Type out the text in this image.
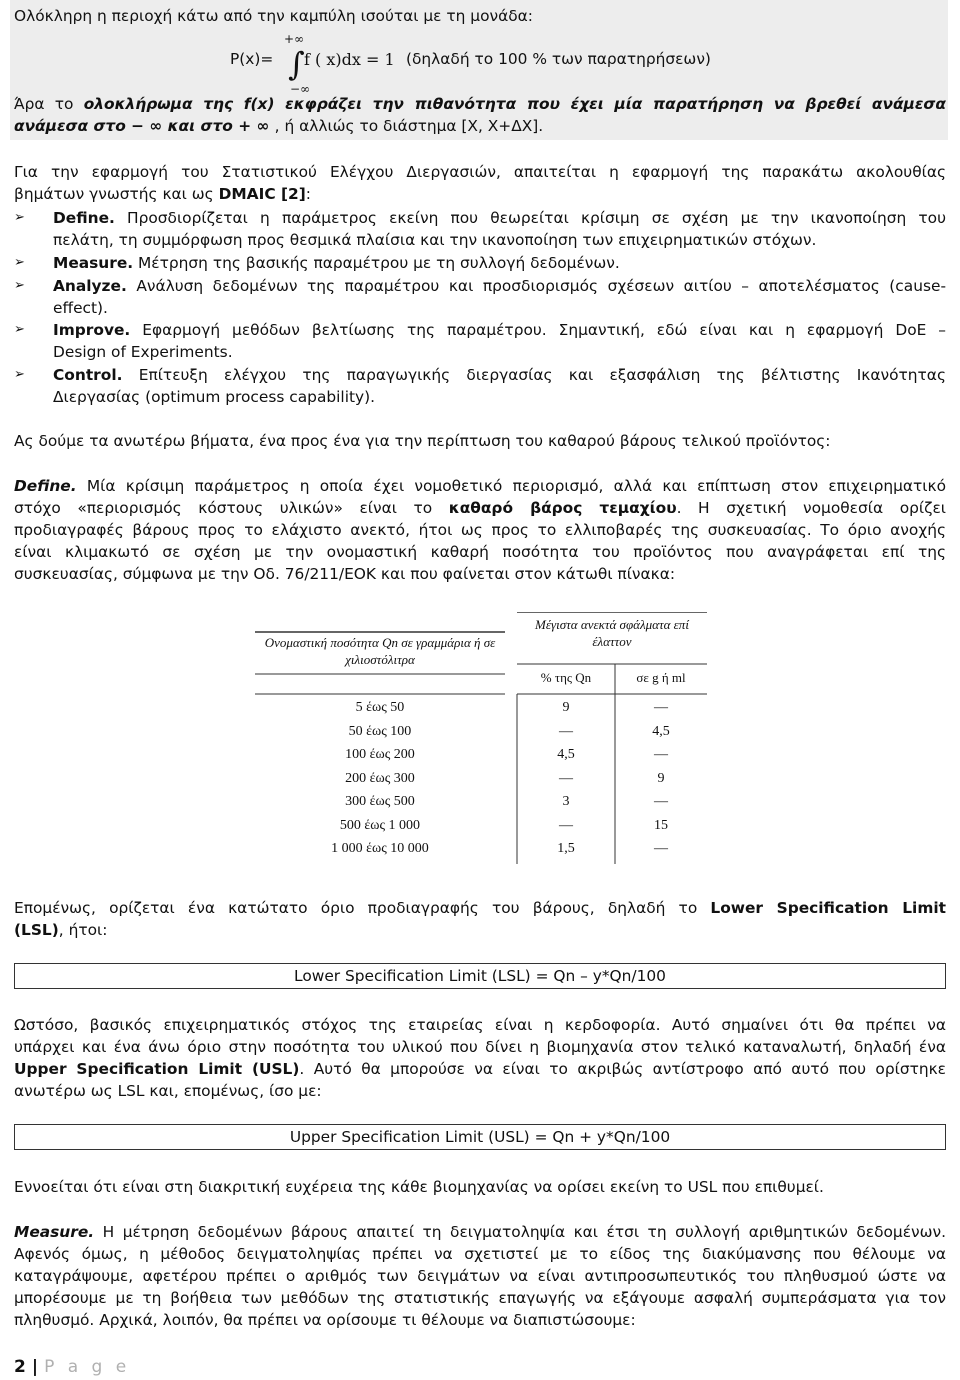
Ολόκληρη η περιοχή κάτω από την καμπύλη ισούται με τη μονάδα:
P(x)=
+∞
∫
−∞
f ( x)dx = 1 (δηλαδή το 100 % των παρατηρήσεων)
Άρα το ολοκλήρωμα της f(x) εκφράζει την πιθανότητα που έχει μία παρατήρηση να βρεθεί ανάμεσα
ανάμεσα στο − ∞ και στο + ∞ , ή αλλιώς το διάστημα [X, X+ΔX].
Για την εφαρμογή του Στατιστικού Ελέγχου Διεργασιών, απαιτείται η εφαρμογή της παρακάτω ακολουθίας
βημάτων γνωστής και ως DMAIC [2]:
➢ Define. Προσδιορίζεται η παράμετρος εκείνη που θεωρείται κρίσιμη σε σχέση με την ικανοποίηση του
πελάτη, τη συμμόρφωση προς θεσμικά πλαίσια και την ικανοποίηση των επιχειρηματικών στόχων.
➢ Measure. Μέτρηση της βασικής παραμέτρου με τη συλλογή δεδομένων.
➢ Analyze. Ανάλυση δεδομένων της παραμέτρου και προσδιορισμός σχέσεων αιτίου – αποτελέσματος (cause-
effect).
➢ Improve. Εφαρμογή μεθόδων βελτίωσης της παραμέτρου. Σημαντική, εδώ είναι και η εφαρμογή DoE –
Design of Experiments.
➢ Control. Επίτευξη ελέγχου της παραγωγικής διεργασίας και εξασφάλιση της βέλτιστης Ικανότητας
Διεργασίας (optimum process capability).
Ας δούμε τα ανωτέρω βήματα, ένα προς ένα για την περίπτωση του καθαρού βάρους τελικού προϊόντος:
Define. Μία κρίσιμη παράμετρος η οποία έχει νομοθετικό περιορισμό, αλλά και επίπτωση στον επιχειρηματικό
στόχο «περιορισμός κόστους υλικών» είναι το καθαρό βάρος τεμαχίου. Η σχετική νομοθεσία ορίζει
προδιαγραφές βάρους προς το ελάχιστο ανεκτό, ήτοι ως προς το ελλιποβαρές της συσκευασίας. Το όριο ανοχής
είναι κλιμακωτό σε σχέση με την ονομαστική καθαρή ποσότητα του προϊόντος που αναγράφεται επί της
συσκευασίας, σύμφωνα με την Οδ. 76/211/ΕΟΚ και που φαίνεται στον κάτωθι πίνακα:
Ονομαστική ποσότητα Qn σε γραμμάρια ή σε
χιλιοστόλιτρα
Μέγιστα ανεκτά σφάλματα επί
έλαττον
% της Qn	σε g ή ml
5 έως 50	9	—
50 έως 100	—	4,5
100 έως 200	4,5	—
200 έως 300	—	9
300 έως 500	3	—
500 έως 1 000	—	15
1 000 έως 10 000	1,5	—
Επομένως, ορίζεται ένα κατώτατο όριο προδιαγραφής του βάρους, δηλαδή το Lower Specification Limit
(LSL), ήτοι:
Lower Specification Limit (LSL) = Qn – y*Qn/100
Ωστόσο, βασικός επιχειρηματικός στόχος της εταιρείας είναι η κερδοφορία. Αυτό σημαίνει ότι θα πρέπει να
υπάρχει και ένα άνω όριο στην ποσότητα του υλικού που δίνει η βιομηχανία στον τελικό καταναλωτή, δηλαδή ένα
Upper Specification Limit (USL). Αυτό θα μπορούσε να είναι το ακριβώς αντίστροφο από αυτό που ορίστηκε
ανωτέρω ως LSL και, επομένως, ίσο με:
Upper Specification Limit (USL) = Qn + y*Qn/100
Εννοείται ότι είναι στη διακριτική ευχέρεια της κάθε βιομηχανίας να ορίσει εκείνη το USL που επιθυμεί.
Measure. Η μέτρηση δεδομένων βάρους απαιτεί τη δειγματοληψία και έτσι τη συλλογή αριθμητικών δεδομένων.
Αφενός όμως, η μέθοδος δειγματοληψίας πρέπει να σχετιστεί με το είδος της διακύμανσης που θέλουμε να
καταγράψουμε, αφετέρου πρέπει ο αριθμός των δειγμάτων να είναι αντιπροσωπευτικός του πληθυσμού ώστε να
μπορέσουμε με τη βοήθεια των μεθόδων της στατιστικής επαγωγής να εξάγουμε ασφαλή συμπεράσματα για τον
πληθυσμό. Αρχικά, λοιπόν, θα πρέπει να ορίσουμε τι θέλουμε να διαπιστώσουμε:
2 | P a g e
